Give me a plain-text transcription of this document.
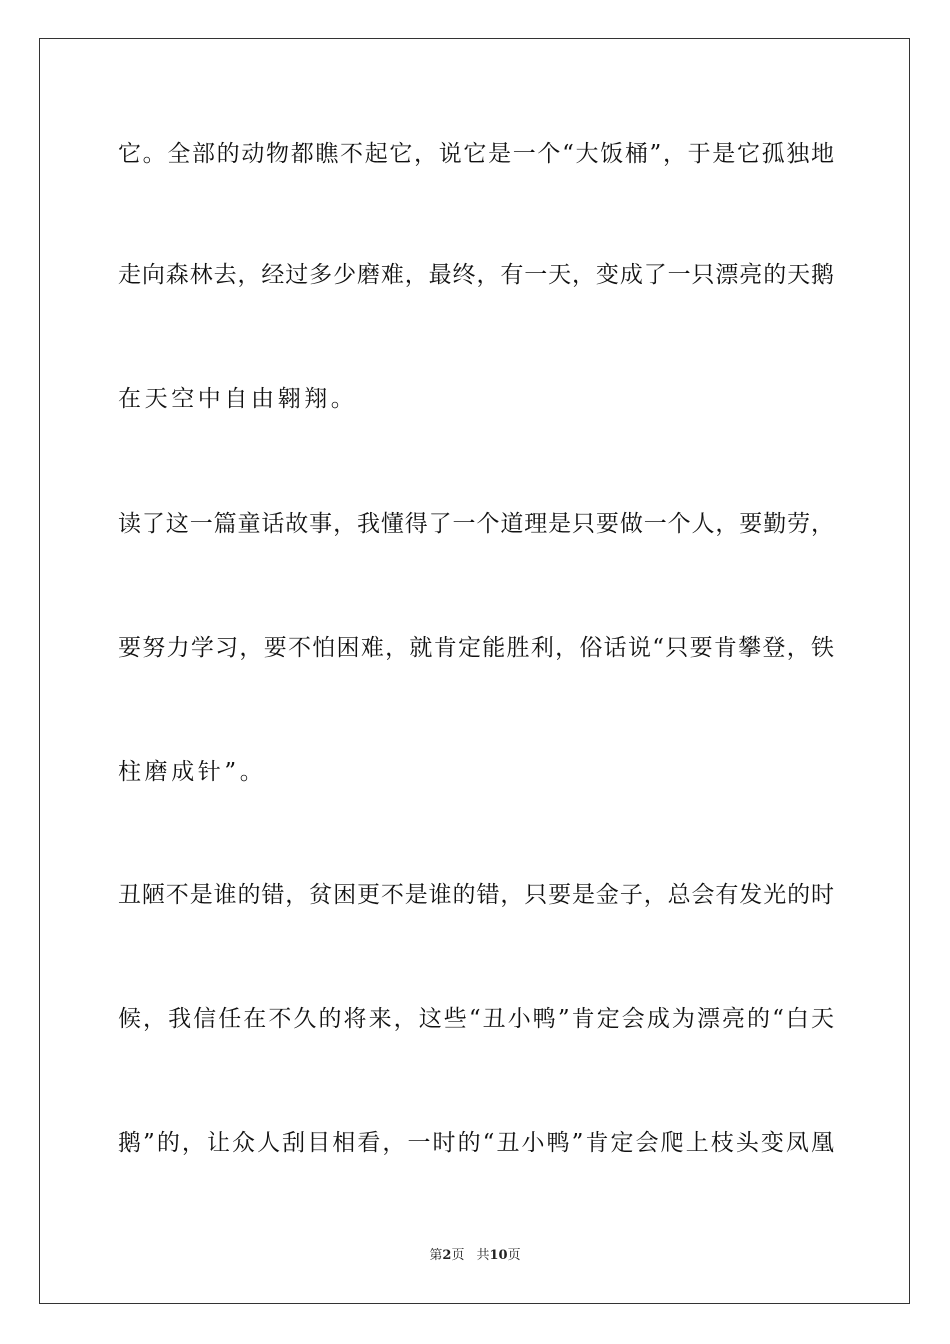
它。全部的动物都瞧不起它，说它是一个“大饭桶”，于是它孤独地
走向森林去，经过多少磨难，最终，有一天，变成了一只漂亮的天鹅
在天空中自由翱翔。
读了这一篇童话故事，我懂得了一个道理是只要做一个人，要勤劳，
要努力学习，要不怕困难，就肯定能胜利，俗话说“只要肯攀登，铁
柱磨成针”。
丑陋不是谁的错，贫困更不是谁的错，只要是金子，总会有发光的时
候，我信任在不久的将来，这些“丑小鸭”肯定会成为漂亮的“白天
鹅”的，让众人刮目相看，一时的“丑小鸭”肯定会爬上枝头变凤凰
第2页 共10页
